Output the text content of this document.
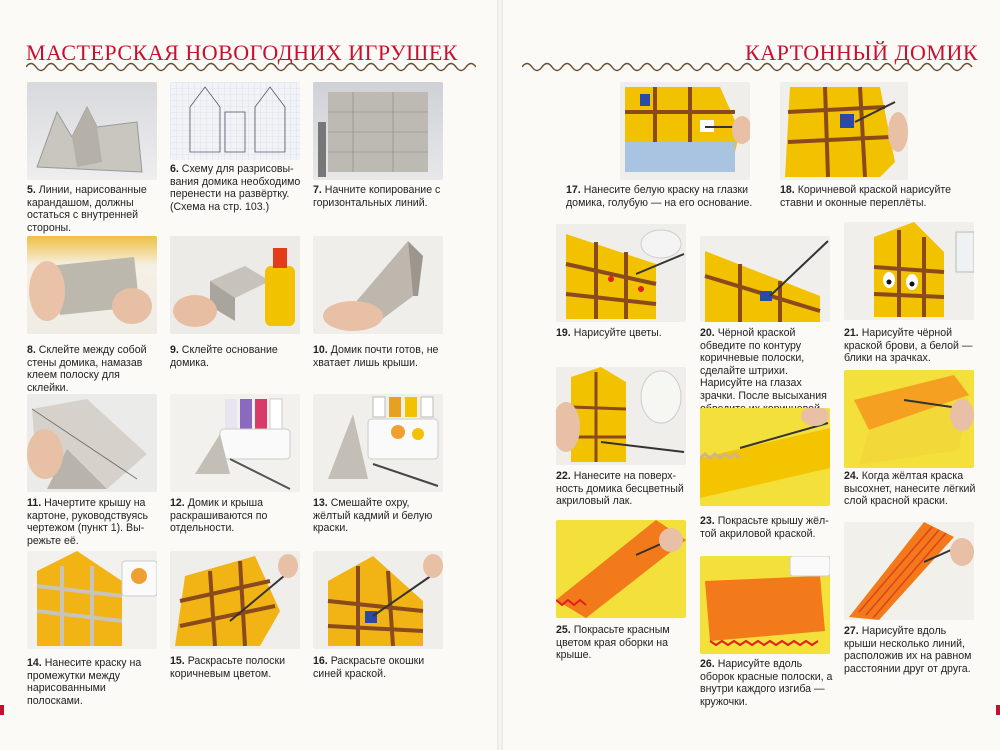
МАСТЕРСКАЯ НОВОГОДНИХ ИГРУШЕК
5. Линии, нарисованные карандашом, должны остаться с внутренней стороны.
6. Схему для разрисовывания домика необходимо перенести на развёртку. (Схема на стр. 103.)
7. Начните копирование с горизонтальных линий.
8. Склейте между собой стены домика, намазав клеем полоску для склейки.
9. Склейте основание домика.
10. Домик почти готов, не хватает лишь крыши.
11. Начертите крышу на картоне, руководствуясь чертежом (пункт 1). Вырежьте её.
12. Домик и крыша раскрашиваются по отдельности.
13. Смешайте охру, жёлтый кадмий и белую краски.
14. Нанесите краску на промежутки между нарисованными полосками.
15. Раскрасьте полоски коричневым цветом.
16. Раскрасьте окошки синей краской.
КАРТОННЫЙ ДОМИК
17. Нанесите белую краску на глазки домика, голубую — на его основание.
18. Коричневой краской нарисуйте ставни и оконные переплёты.
19. Нарисуйте цветы.	20. Чёрной краской обведите по контуру коричневые полоски, сделайте штрихи. Нарисуйте на глазах зрачки. После высыхания
21. Нарисуйте чёрной краской брови, а белой — блики на зрачках.
22. Нанесите на поверхность домика бесцветный акриловый лак.
23. Покрасьте крышу жёлтой акриловой краской.
24. Когда жёлтая краска высохнет, нанесите лёгкий слой красной краски.
25. Покрасьте красным цветом края оборки на крыше.
26. Нарисуйте вдоль оборок красные полоски, а внутри каждого изгиба — кружочки.
27. Нарисуйте вдоль крыши несколько линий, расположив их на равном расстоянии друг от друга.
